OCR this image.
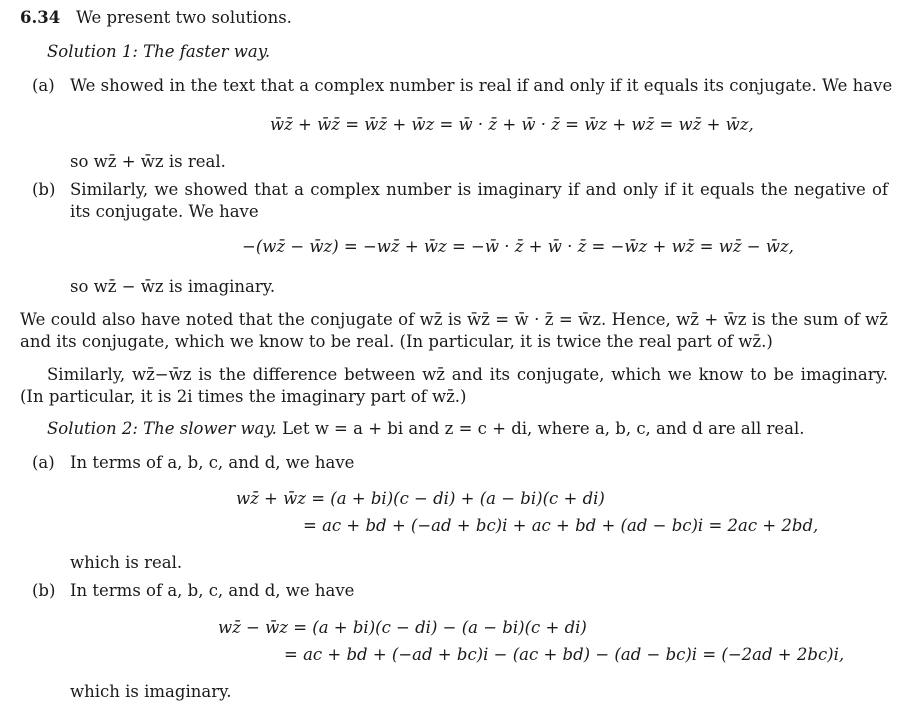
6.34 We present two solutions.

Solution 1: The faster way.

(a) We showed in the text that a complex number is real if and only if it equals its conjugate. We have

w̄z̄ + w̄z̄ = w̄z̄ + w̄z = w̄ · z̄ + w̄ · z̄ = w̄z + wz̄ = wz̄ + w̄z,

so wz̄ + w̄z is real.

(b) Similarly, we showed that a complex number is imaginary if and only if it equals the negative of its conjugate. We have

−(wz̄ − w̄z) = −wz̄ + w̄z = −w̄ · z̄ + w̄ · z̄ = −w̄z + wz̄ = wz̄ − w̄z,

so wz̄ − w̄z is imaginary.

We could also have noted that the conjugate of wz̄ is w̄z̄ = w̄ · z̄ = w̄z. Hence, wz̄ + w̄z is the sum of wz̄ and its conjugate, which we know to be real. (In particular, it is twice the real part of wz̄.)

Similarly, wz̄−w̄z is the difference between wz̄ and its conjugate, which we know to be imaginary. (In particular, it is 2i times the imaginary part of wz̄.)

Solution 2: The slower way. Let w = a + bi and z = c + di, where a, b, c, and d are all real.

(a) In terms of a, b, c, and d, we have

wz̄ + w̄z = (a + bi)(c − di) + (a − bi)(c + di)

= ac + bd + (−ad + bc)i + ac + bd + (ad − bc)i = 2ac + 2bd,

which is real.

(b) In terms of a, b, c, and d, we have

wz̄ − w̄z = (a + bi)(c − di) − (a − bi)(c + di)

= ac + bd + (−ad + bc)i − (ac + bd) − (ad − bc)i = (−2ad + 2bc)i,

which is imaginary.
